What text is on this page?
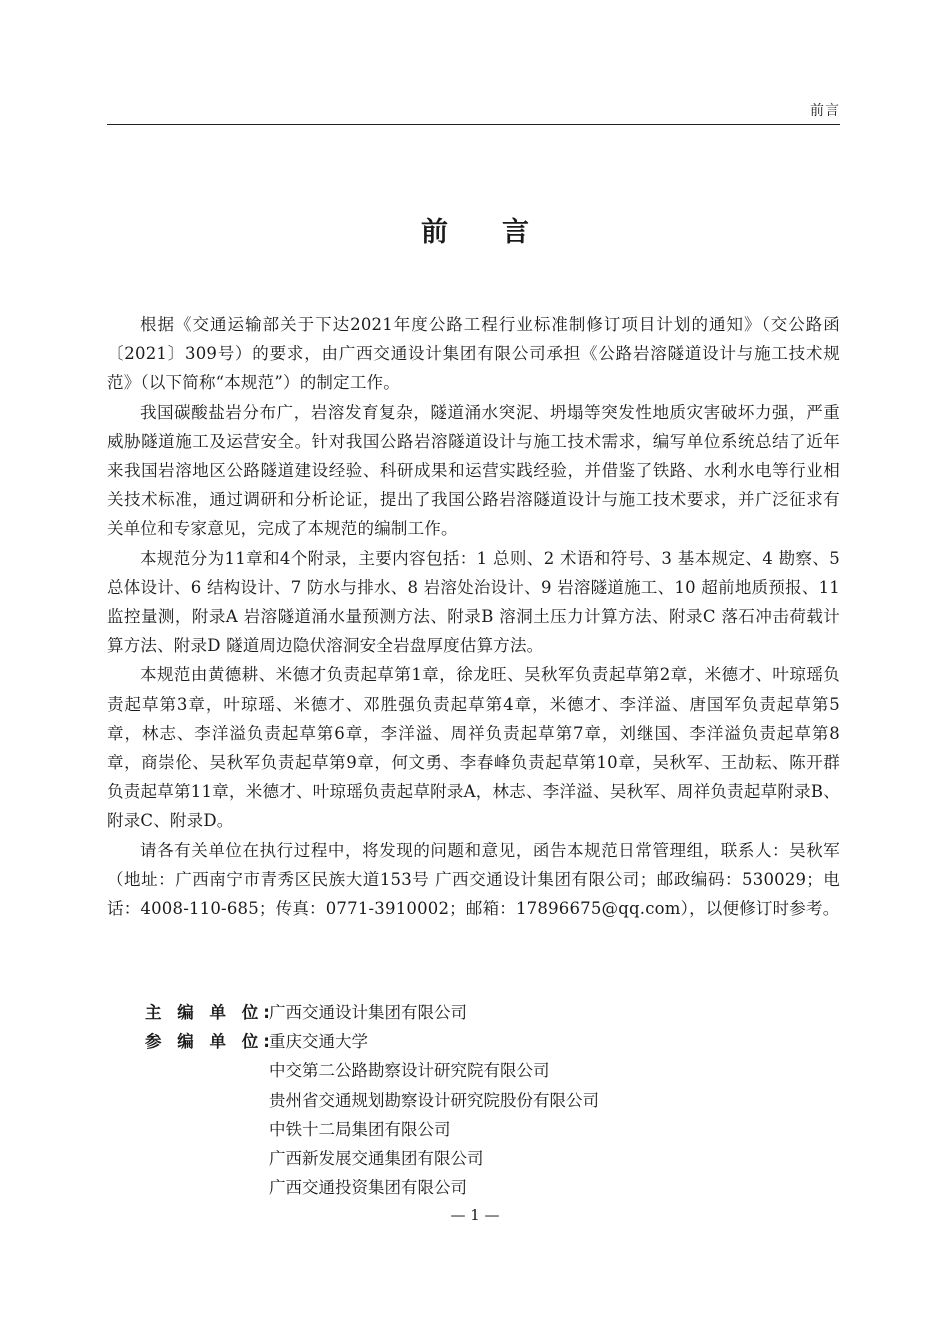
前言
前言

根据《交通运输部关于下达2021年度公路工程行业标准制修订项目计划的通知》（交公路函〔2021〕309号）的要求，由广西交通设计集团有限公司承担《公路岩溶隧道设计与施工技术规范》（以下简称“本规范”）的制定工作。

我国碳酸盐岩分布广，岩溶发育复杂，隧道涌水突泥、坍塌等突发性地质灾害破坏力强，严重威胁隧道施工及运营安全。针对我国公路岩溶隧道设计与施工技术需求，编写单位系统总结了近年来我国岩溶地区公路隧道建设经验、科研成果和运营实践经验，并借鉴了铁路、水利水电等行业相关技术标准，通过调研和分析论证，提出了我国公路岩溶隧道设计与施工技术要求，并广泛征求有关单位和专家意见，完成了本规范的编制工作。

本规范分为11章和4个附录，主要内容包括：1 总则、2 术语和符号、3 基本规定、4 勘察、5 总体设计、6 结构设计、7 防水与排水、8 岩溶处治设计、9 岩溶隧道施工、10 超前地质预报、11 监控量测，附录A 岩溶隧道涌水量预测方法、附录B 溶洞土压力计算方法、附录C 落石冲击荷载计算方法、附录D 隧道周边隐伏溶洞安全岩盘厚度估算方法。

本规范由黄德耕、米德才负责起草第1章，徐龙旺、吴秋军负责起草第2章，米德才、叶琼瑶负责起草第3章，叶琼瑶、米德才、邓胜强负责起草第4章，米德才、李洋溢、唐国军负责起草第5章，林志、李洋溢负责起草第6章，李洋溢、周祥负责起草第7章，刘继国、李洋溢负责起草第8章，商崇伦、吴秋军负责起草第9章，何文勇、李春峰负责起草第10章，吴秋军、王劼耘、陈开群负责起草第11章，米德才、叶琼瑶负责起草附录A，林志、李洋溢、吴秋军、周祥负责起草附录B、附录C、附录D。

请各有关单位在执行过程中，将发现的问题和意见，函告本规范日常管理组，联系人：吴秋军（地址：广西南宁市青秀区民族大道153号 广西交通设计集团有限公司；邮政编码：530029；电话：4008-110-685；传真：0771-3910002；邮箱：17896675@qq.com），以便修订时参考。

主 编 单 位: 广西交通设计集团有限公司
参 编 单 位: 重庆交通大学
中交第二公路勘察设计研究院有限公司
贵州省交通规划勘察设计研究院股份有限公司
中铁十二局集团有限公司
广西新发展交通集团有限公司
广西交通投资集团有限公司
— 1 —
